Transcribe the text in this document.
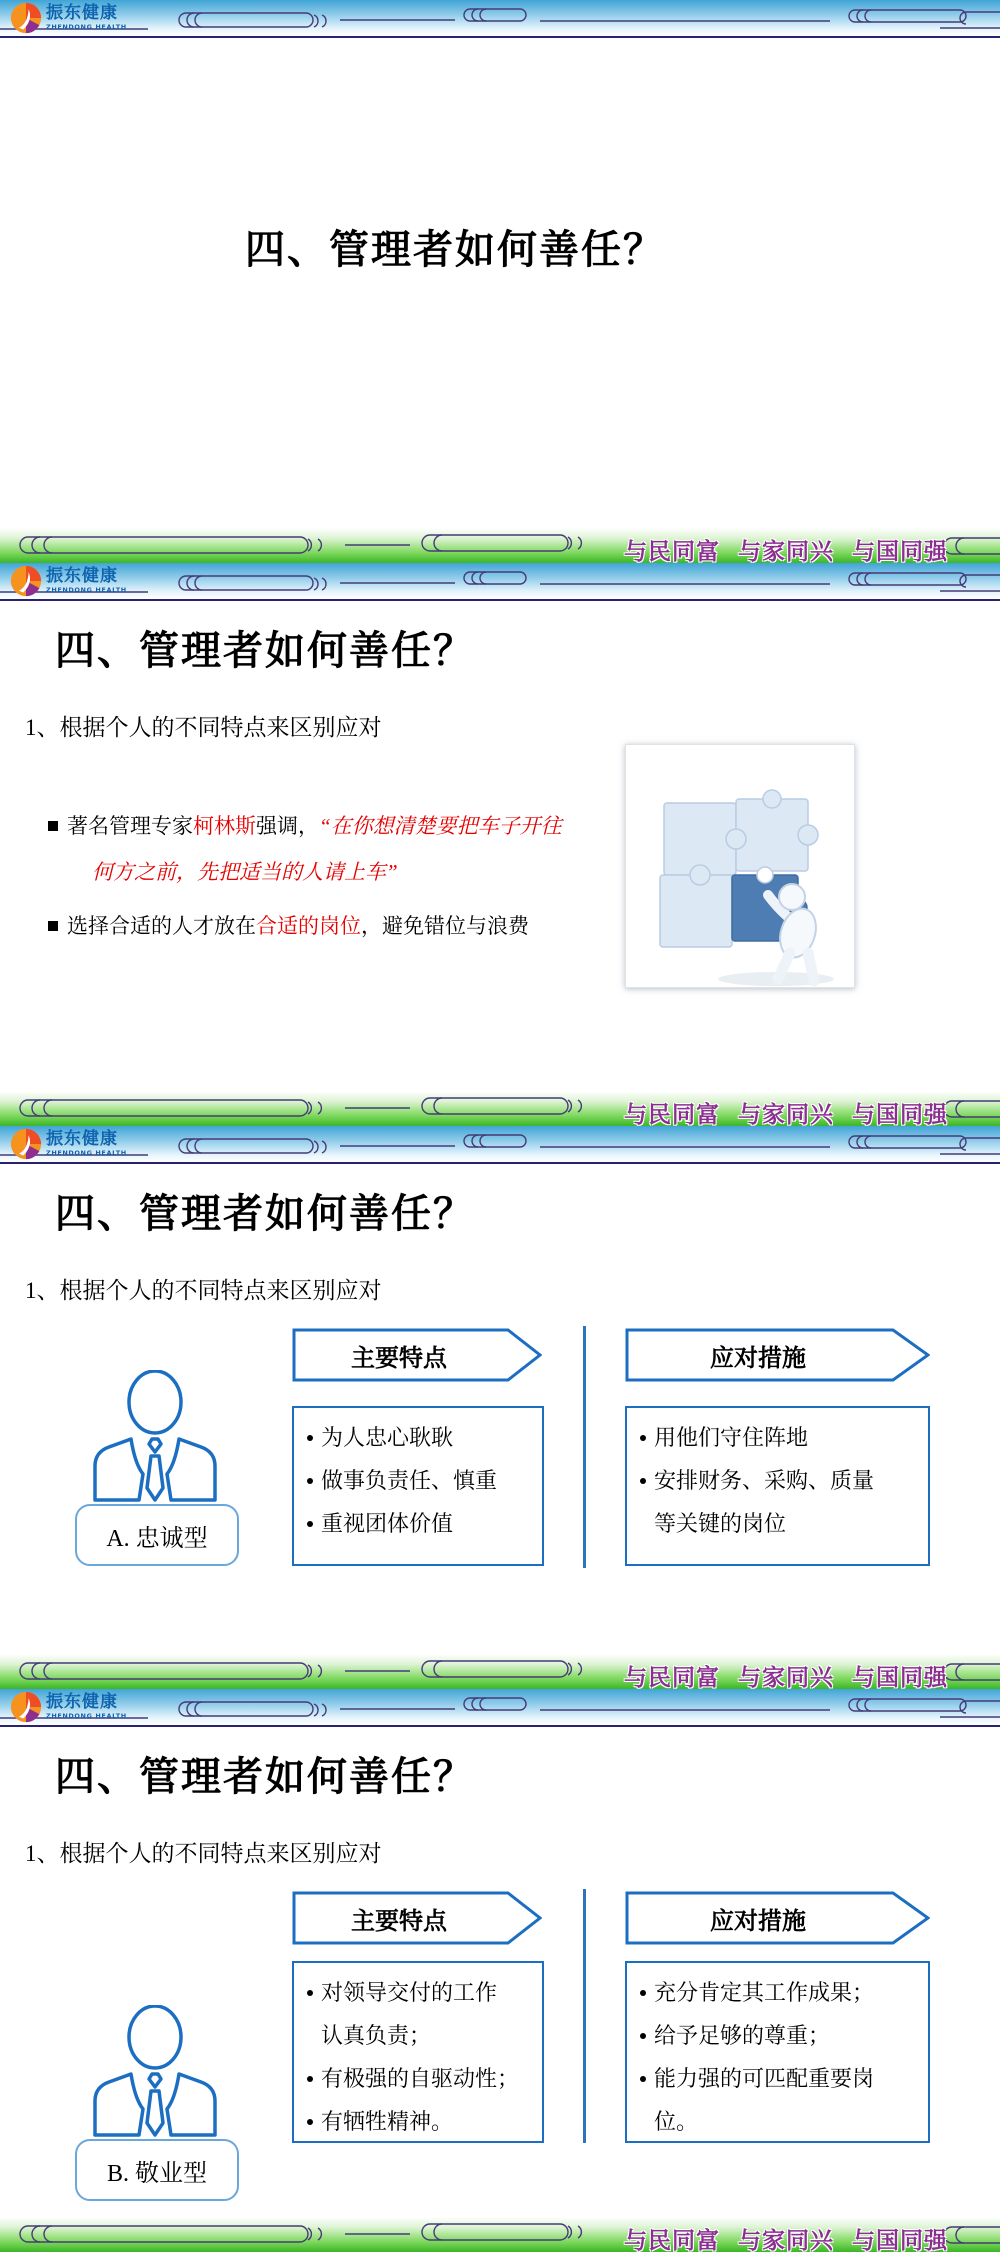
振东健康
ZHENDONG HEALTH
四、管理者如何善任？
与民同富  与家同兴  与国同强
振东健康
ZHENDONG HEALTH
四、管理者如何善任？
1、根据个人的不同特点来区别应对
著名管理专家柯林斯强调，“在你想清楚要把车子开往
何方之前，先把适当的人请上车”
选择合适的人才放在合适的岗位，避免错位与浪费
与民同富  与家同兴  与国同强
振东健康
ZHENDONG HEALTH
四、管理者如何善任？
1、根据个人的不同特点来区别应对
A. 忠诚型
主要特点	应对措施
为人忠心耿耿
做事负责任、慎重
重视团体价值
用他们守住阵地
安排财务、采购、质量
等关键的岗位
与民同富  与家同兴  与国同强
振东健康
ZHENDONG HEALTH
四、管理者如何善任？
1、根据个人的不同特点来区别应对
B. 敬业型
主要特点	应对措施
对领导交付的工作
认真负责；
有极强的自驱动性；
有牺牲精神。
充分肯定其工作成果；
给予足够的尊重；
能力强的可匹配重要岗
位。
与民同富  与家同兴  与国同强
